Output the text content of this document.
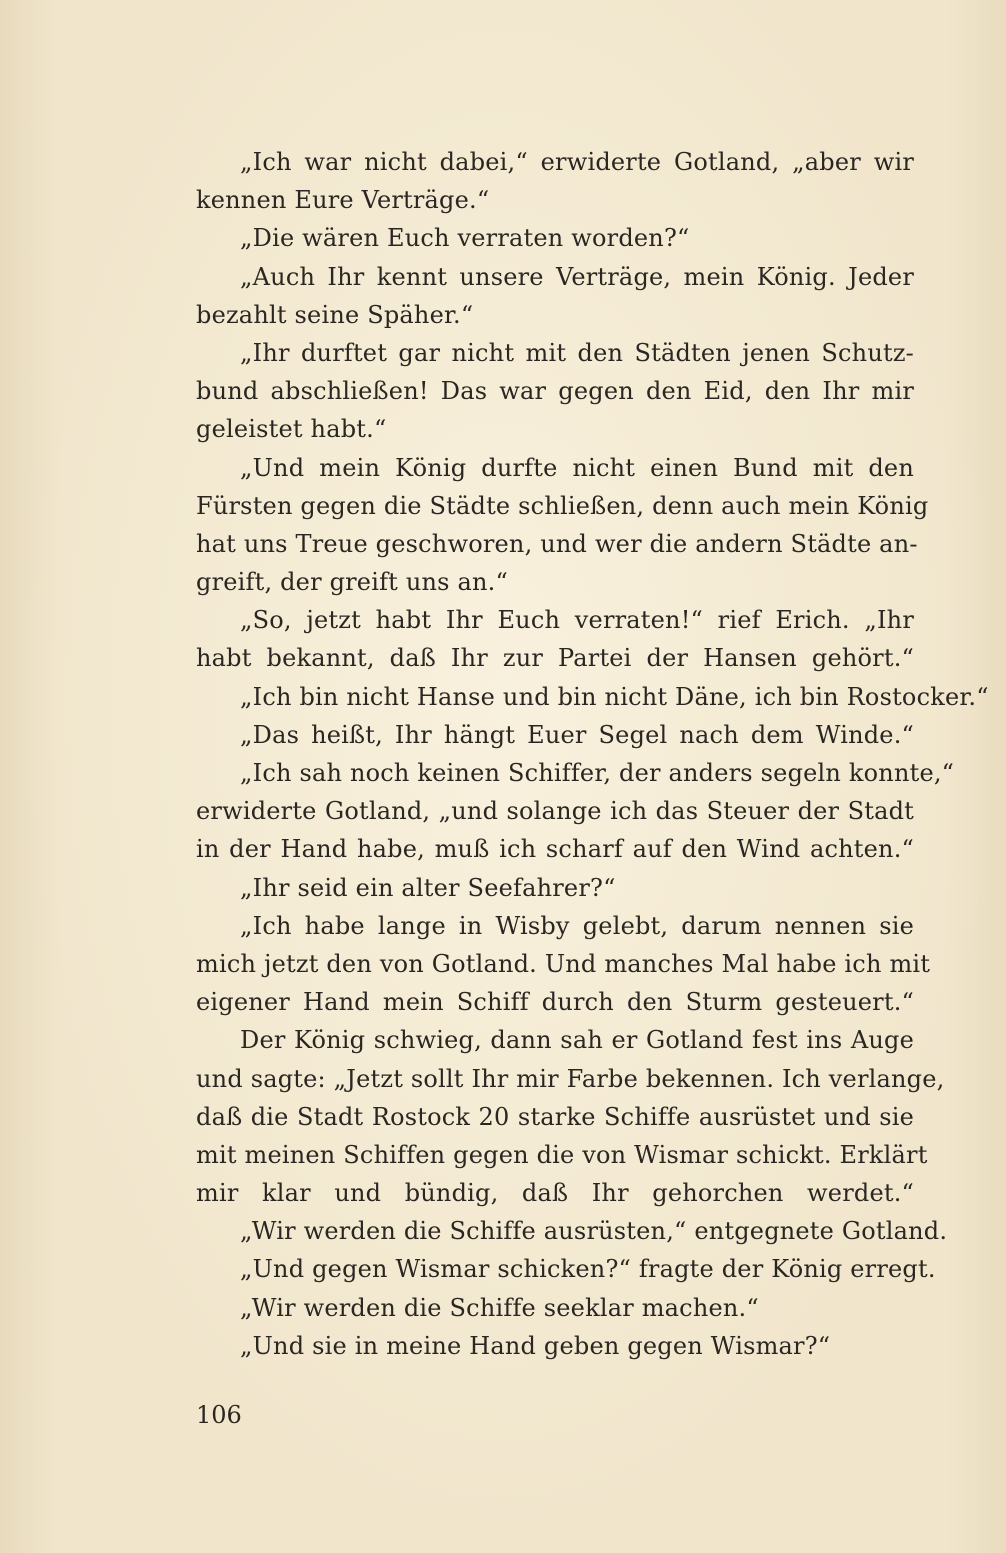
„Ich war nicht dabei,“ erwiderte Gotland, „aber wir
kennen Eure Verträge.“
„Die wären Euch verraten worden?“
„Auch Ihr kennt unsere Verträge, mein König. Jeder
bezahlt seine Späher.“
„Ihr durftet gar nicht mit den Städten jenen Schutz-
bund abschließen! Das war gegen den Eid, den Ihr mir
geleistet habt.“
„Und mein König durfte nicht einen Bund mit den
Fürsten gegen die Städte schließen, denn auch mein König
hat uns Treue geschworen, und wer die andern Städte an-
greift, der greift uns an.“
„So, jetzt habt Ihr Euch verraten!“ rief Erich. „Ihr
habt bekannt, daß Ihr zur Partei der Hansen gehört.“
„Ich bin nicht Hanse und bin nicht Däne, ich bin Rostocker.“
„Das heißt, Ihr hängt Euer Segel nach dem Winde.“
„Ich sah noch keinen Schiffer, der anders segeln konnte,“
erwiderte Gotland, „und solange ich das Steuer der Stadt
in der Hand habe, muß ich scharf auf den Wind achten.“
„Ihr seid ein alter Seefahrer?“
„Ich habe lange in Wisby gelebt, darum nennen sie
mich jetzt den von Gotland. Und manches Mal habe ich mit
eigener Hand mein Schiff durch den Sturm gesteuert.“
Der König schwieg, dann sah er Gotland fest ins Auge
und sagte: „Jetzt sollt Ihr mir Farbe bekennen. Ich verlange,
daß die Stadt Rostock 20 starke Schiffe ausrüstet und sie
mit meinen Schiffen gegen die von Wismar schickt. Erklärt
mir klar und bündig, daß Ihr gehorchen werdet.“
„Wir werden die Schiffe ausrüsten,“ entgegnete Gotland.
„Und gegen Wismar schicken?“ fragte der König erregt.
„Wir werden die Schiffe seeklar machen.“
„Und sie in meine Hand geben gegen Wismar?“
106
